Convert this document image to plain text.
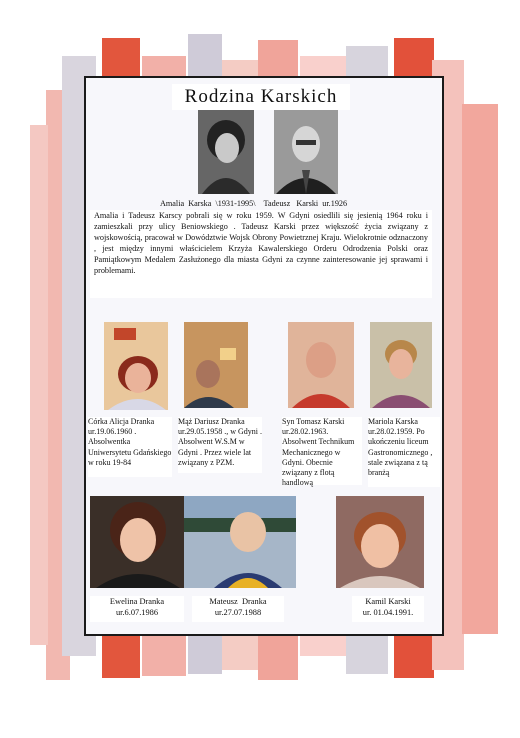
Rodzina Karskich
Amalia  Karska  \1931-1995\    Tadeusz   Karski  ur.1926

Amalia i Tadeusz Karscy pobrali się w roku 1959. W Gdyni osiedlili się jesienią 1964 roku i zamieszkali przy ulicy Beniowskiego . Tadeusz Karski przez większość życia związany z wojskowością, pracował w Dowództwie Wojsk Obrony Powietrznej Kraju. Wielokrotnie odznaczony , jest między innymi właścicielem Krzyża Kawalerskiego Orderu Odrodzenia Polski oraz Pamiątkowym Medalem Zasłużonego dla miasta Gdyni za czynne zainteresowanie jej sprawami i problemami.

Córka Alicja Dranka ur.19.06.1960 . Absolwentka Uniwersytetu Gdańskiego w roku 19-84
Mąż Dariusz Dranka ur.29.05.1958 ., w Gdyni . Absolwent W.S.M w Gdyni . Przez wiele lat związany z PZM.
Syn Tomasz Karski ur.28.02.1963. Absolwent Technikum Mechanicznego w Gdyni. Obecnie związany z flotą handlową
Mariola Karska ur.28.02.1959. Po ukończeniu liceum Gastronomicznego , stale związana z tą branżą
Ewelina Dranka
ur.6.07.1986
Mateusz  Dranka
ur.27.07.1988
Kamil Karski
ur. 01.04.1991.
